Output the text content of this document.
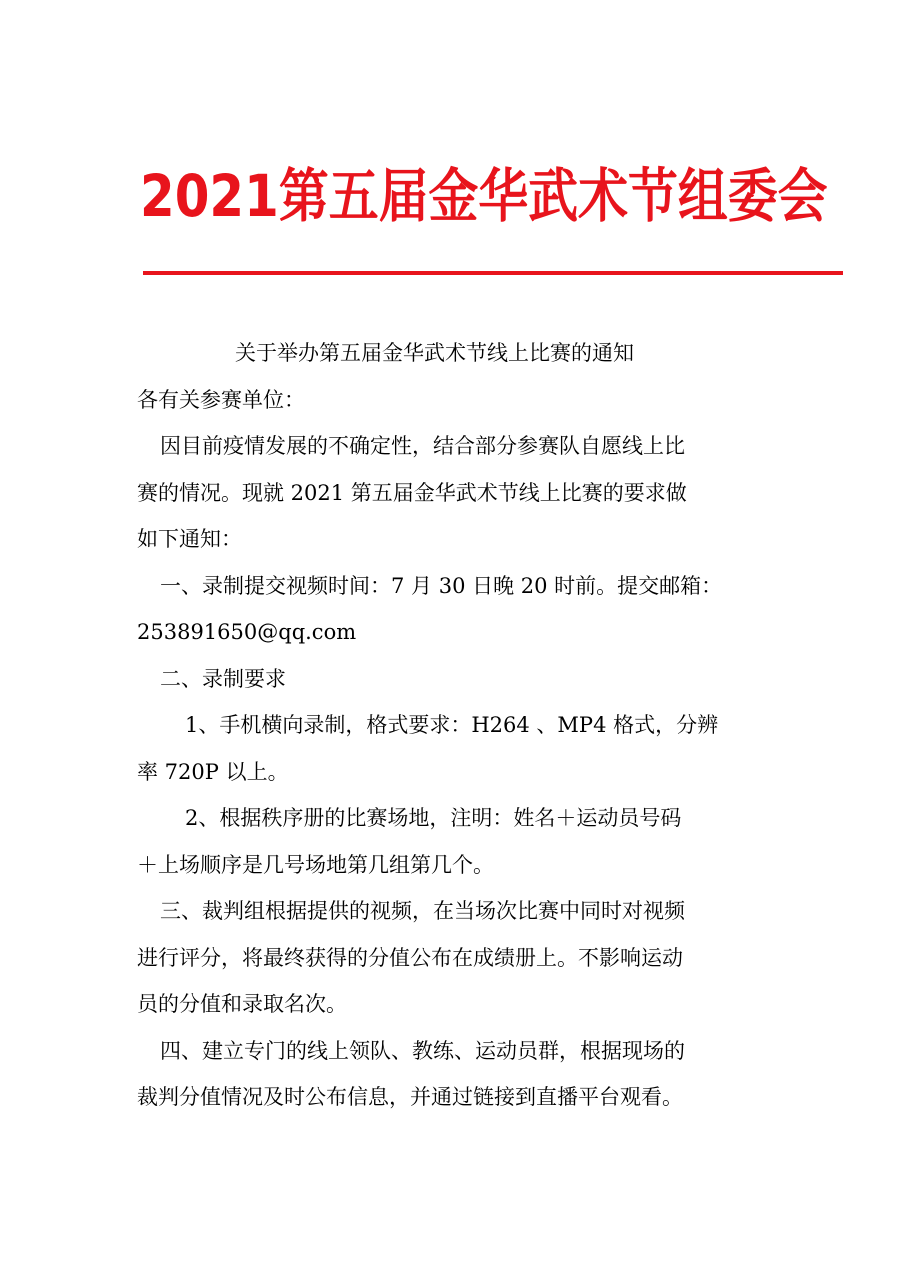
2021第五届金华武术节组委会

关于举办第五届金华武术节线上比赛的通知

各有关参赛单位：

因目前疫情发展的不确定性，结合部分参赛队自愿线上比

赛的情况。现就 2021 第五届金华武术节线上比赛的要求做

如下通知：

一、录制提交视频时间：7 月 30 日晚 20 时前。提交邮箱：

253891650@qq.com

二、录制要求

1、手机横向录制，格式要求：H264 、MP4 格式，分辨

率 720P 以上。

2、根据秩序册的比赛场地，注明：姓名＋运动员号码

＋上场顺序是几号场地第几组第几个。

三、裁判组根据提供的视频，在当场次比赛中同时对视频

进行评分，将最终获得的分值公布在成绩册上。不影响运动

员的分值和录取名次。

四、建立专门的线上领队、教练、运动员群，根据现场的

裁判分值情况及时公布信息，并通过链接到直播平台观看。
